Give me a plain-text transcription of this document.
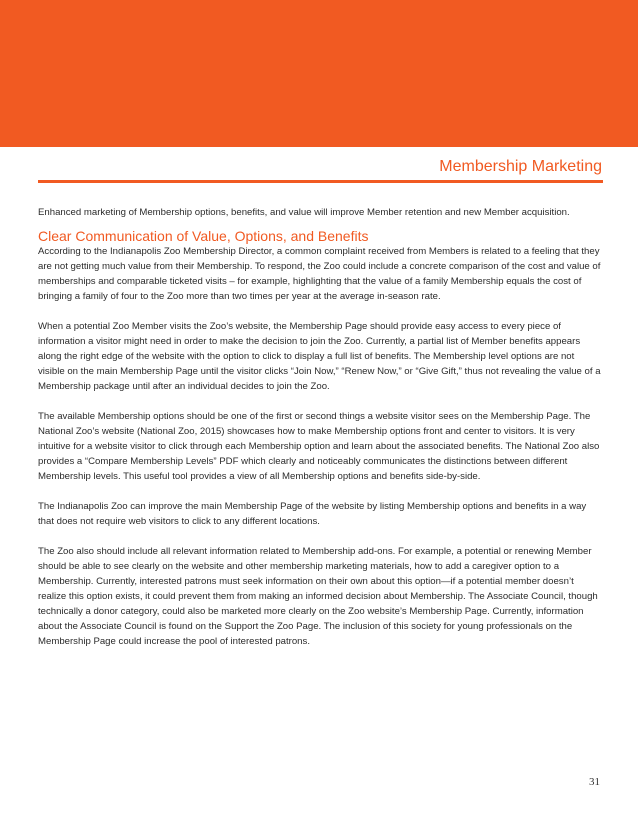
Membership Marketing

Enhanced marketing of Membership options, benefits, and value will improve Member retention and new Member acquisition.

Clear Communication of Value, Options, and Benefits

According to the Indianapolis Zoo Membership Director, a common complaint received from Members is related to a feeling that they are not getting much value from their Membership. To respond, the Zoo could include a concrete comparison of the cost and value of memberships and comparable ticketed visits – for example, highlighting that the value of a family Membership equals the cost of bringing a family of four to the Zoo more than two times per year at the average in-season rate.

When a potential Zoo Member visits the Zoo’s website, the Membership Page should provide easy access to every piece of information a visitor might need in order to make the decision to join the Zoo. Currently, a partial list of Member benefits appears along the right edge of the website with the option to click to display a full list of benefits. The Membership level options are not visible on the main Membership Page until the visitor clicks “Join Now,” “Renew Now,” or “Give Gift,” thus not revealing the value of a Membership package until after an individual decides to join the Zoo.

The available Membership options should be one of the first or second things a website visitor sees on the Membership Page. The National Zoo’s website (National Zoo, 2015) showcases how to make Membership options front and center to visitors. It is very intuitive for a website visitor to click through each Membership option and learn about the associated benefits. The National Zoo also provides a “Compare Membership Levels” PDF which clearly and noticeably communicates the distinctions between different Membership levels. This useful tool provides a view of all Membership options and benefits side-by-side.

The Indianapolis Zoo can improve the main Membership Page of the website by listing Membership options and benefits in a way that does not require web visitors to click to any different locations.

The Zoo also should include all relevant information related to Membership add-ons. For example, a potential or renewing Member should be able to see clearly on the website and other membership marketing materials, how to add a caregiver option to a Membership. Currently, interested patrons must seek information on their own about this option—if a potential member doesn’t realize this option exists, it could prevent them from making an informed decision about Membership. The Associate Council, though technically a donor category, could also be marketed more clearly on the Zoo website’s Membership Page. Currently, information about the Associate Council is found on the Support the Zoo Page. The inclusion of this society for young professionals on the Membership Page could increase the pool of interested patrons.

31
